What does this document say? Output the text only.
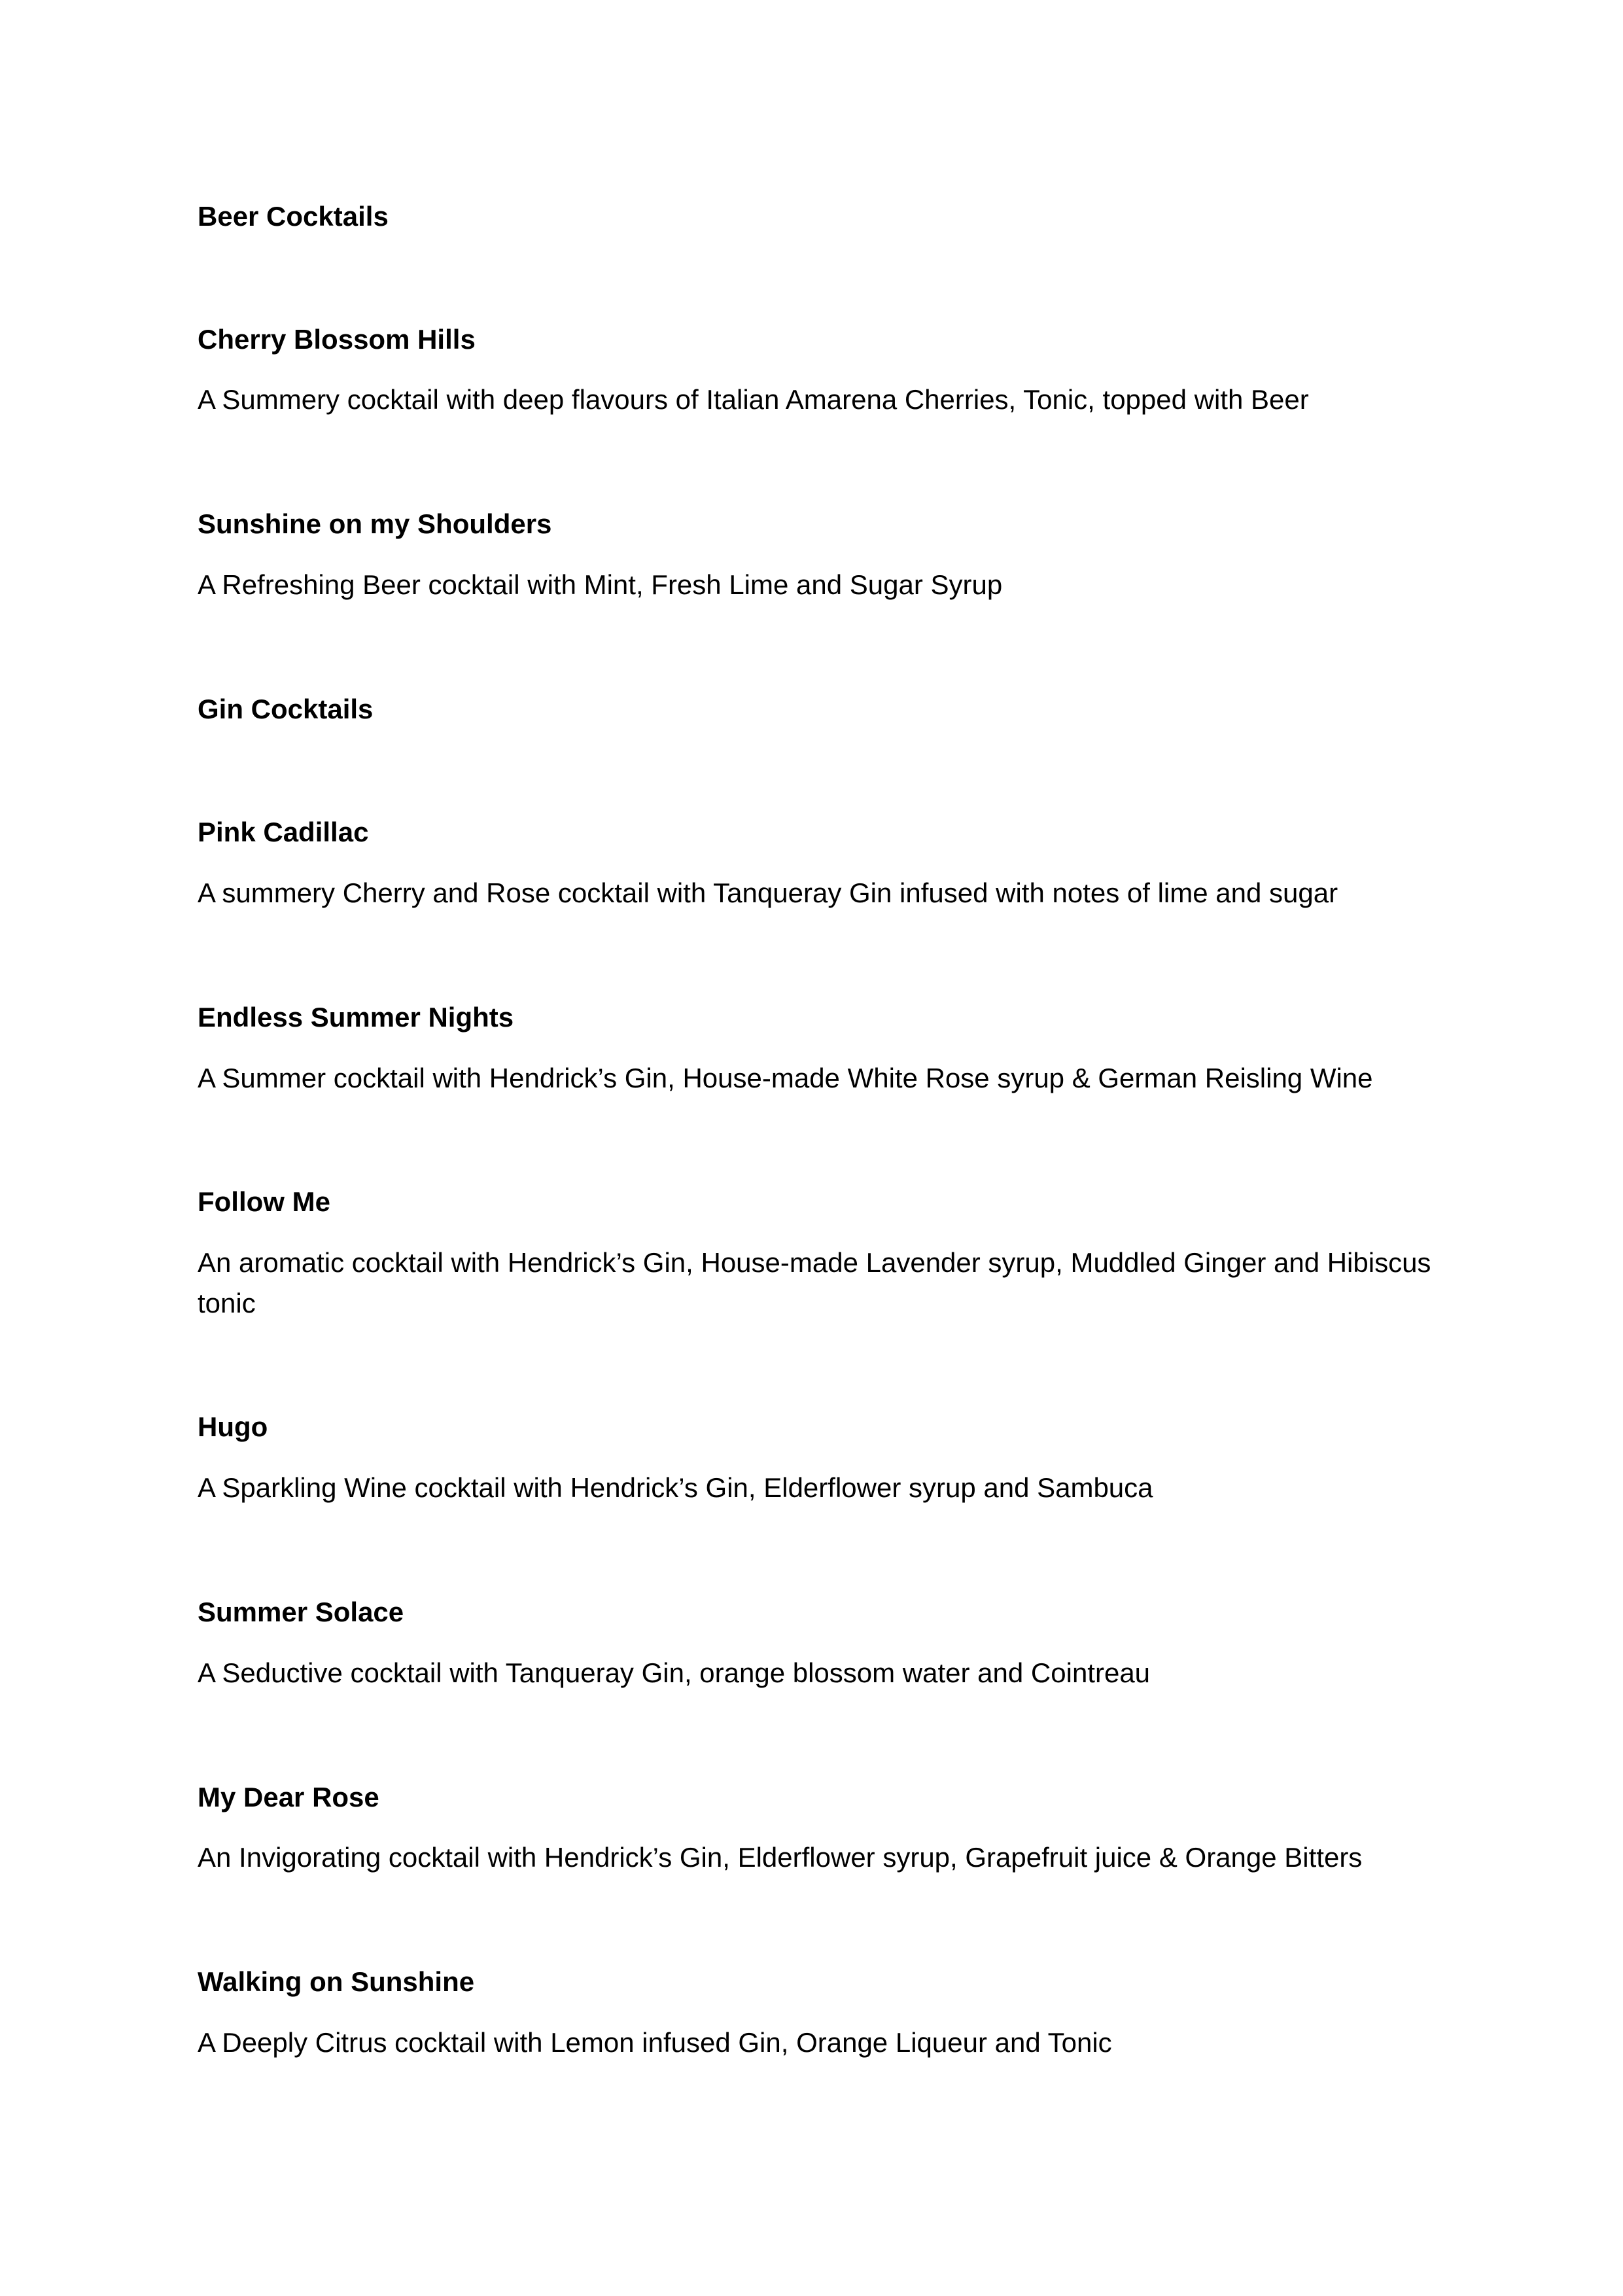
Beer Cocktails
Cherry Blossom Hills
A Summery cocktail with deep flavours of Italian Amarena Cherries, Tonic, topped with Beer
Sunshine on my Shoulders
A Refreshing Beer cocktail with Mint, Fresh Lime and Sugar Syrup
Gin Cocktails
Pink Cadillac
A summery Cherry and Rose cocktail with Tanqueray Gin infused with notes of lime and sugar
Endless Summer Nights
A Summer cocktail with Hendrick’s Gin, House-made White Rose syrup & German Reisling Wine
Follow Me
An aromatic cocktail with Hendrick’s Gin, House-made Lavender syrup, Muddled Ginger and Hibiscus tonic
Hugo
A Sparkling Wine cocktail with Hendrick’s Gin, Elderflower syrup and Sambuca
Summer Solace
A Seductive cocktail with Tanqueray Gin, orange blossom water and Cointreau
My Dear Rose
An Invigorating cocktail with Hendrick’s Gin, Elderflower syrup, Grapefruit juice & Orange Bitters
Walking on Sunshine
A Deeply Citrus cocktail with Lemon infused Gin, Orange Liqueur and Tonic
